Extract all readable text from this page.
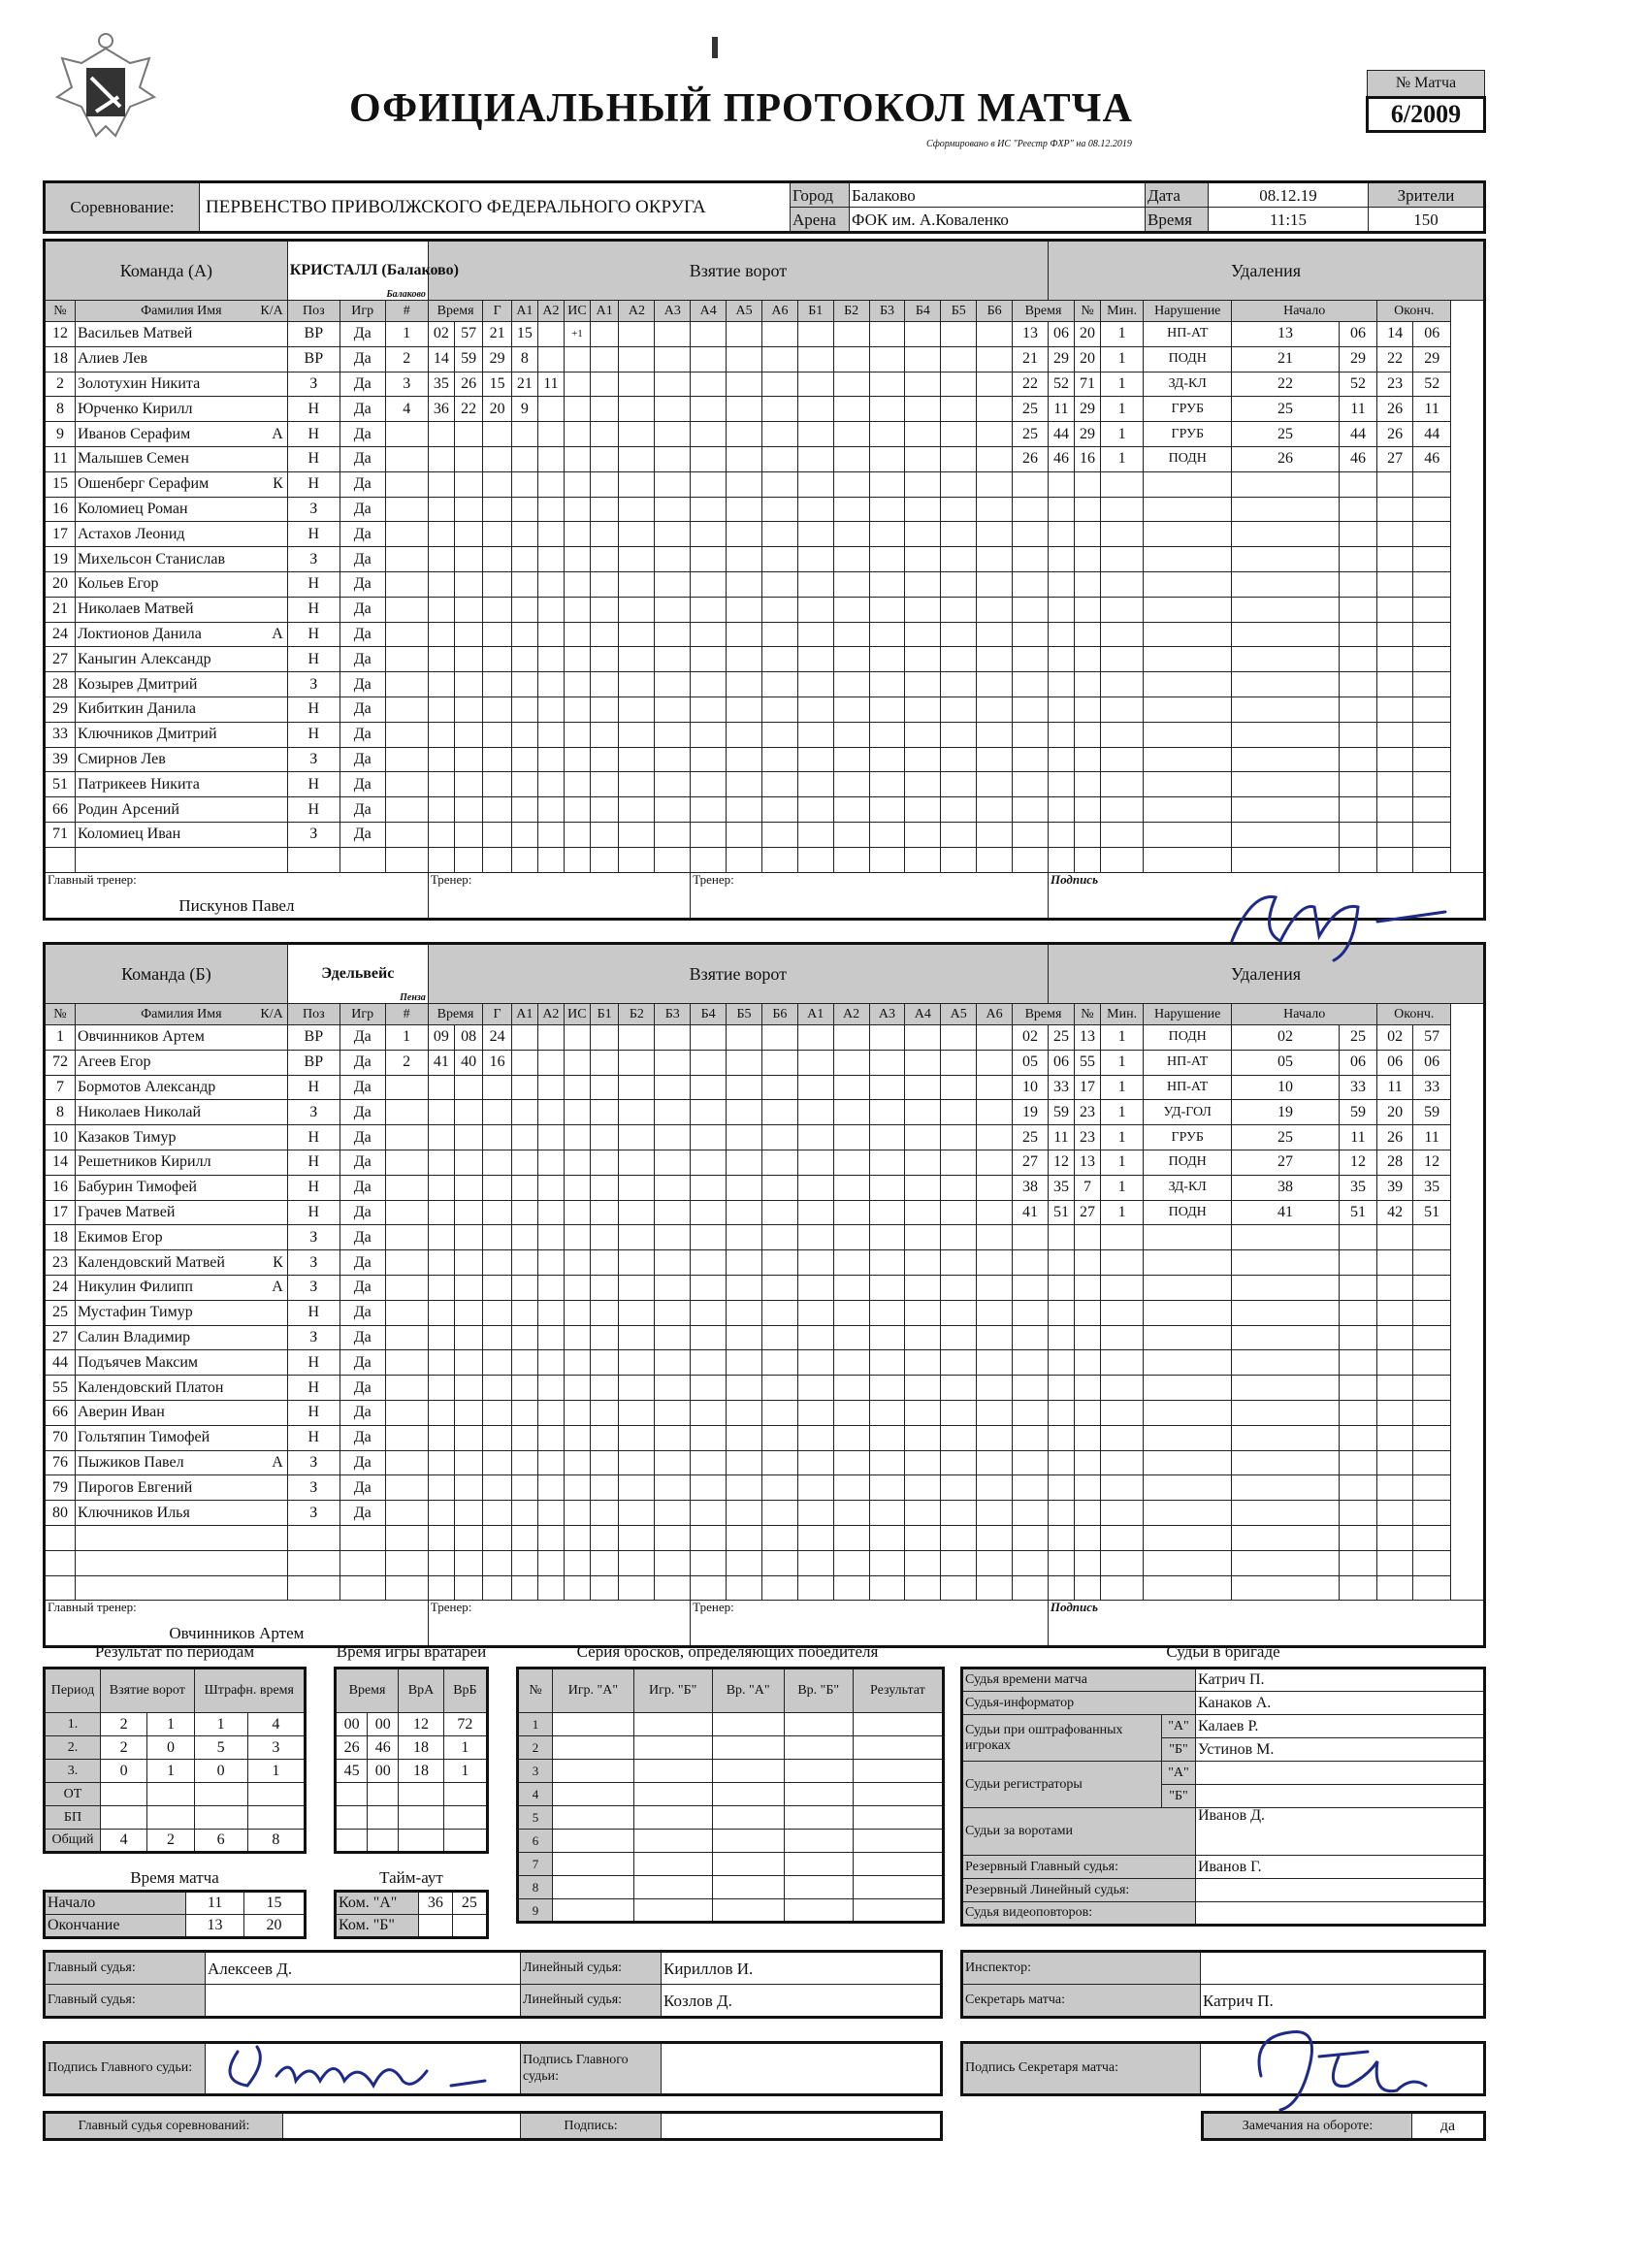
ОФИЦИАЛЬНЫЙ ПРОТОКОЛ МАТЧА
Сформировано в ИС "Реестр ФХР" на 08.12.2019
№ Матча
6/2009
Соревнование:	ПЕРВЕНСТВО ПРИВОЛЖСКОГО ФЕДЕРАЛЬНОГО ОКРУГА	Город	Балаково	Дата	08.12.19	Зрители
		Арена	ФОК им. А.Коваленко	Время	11:15	150
Команда (А)		КРИСТАЛЛ (Балаково)
Балаково			Взятие ворот																			Удаления							
№	Фамилия Имя К/А	Поз	Игр	#	Время		Г	А1	А2	ИС	А1	А2	А3	А4	А5	А6	Б1	Б2	Б3	Б4	Б5	Б6	Время		№	Мин.	Нарушение	Начало		Оконч.	
12	Васильев Матвей	ВР	Да	1	02	57	21	15		+1													13	06	20	1	НП-АТ	13	06	14	06
18	Алиев Лев	ВР	Да	2	14	59	29	8															21	29	20	1	ПОДН	21	29	22	29
2	Золотухин Никита	З	Да	3	35	26	15	21	11														22	52	71	1	ЗД-КЛ	22	52	23	52
8	Юрченко Кирилл	Н	Да	4	36	22	20	9															25	11	29	1	ГРУБ	25	11	26	11
9	Иванов Серафим А	Н	Да																				25	44	29	1	ГРУБ	25	44	26	44
11	Малышев Семен	Н	Да																				26	46	16	1	ПОДН	26	46	27	46
15	Ошенберг Серафим К	Н	Да																												
16	Коломиец Роман	З	Да																												
17	Астахов Леонид	Н	Да																												
19	Михельсон Станислав	З	Да																												
20	Кольев Егор	Н	Да																												
21	Николаев Матвей	Н	Да																												
24	Локтионов Данила А	Н	Да																												
27	Каныгин Александр	Н	Да																												
28	Козырев Дмитрий	З	Да																												
29	Кибиткин Данила	Н	Да																												
33	Ключников Дмитрий	Н	Да																												
39	Смирнов Лев	З	Да																												
51	Патрикеев Никита	Н	Да																												
66	Родин Арсений	Н	Да																												
71	Коломиец Иван	З	Да																												

Главный тренер:
Пискунов Павел					Тренер:									Тренер:										Подпись							
Команда (Б)		Эдельвейс
Пенза			Взятие ворот																			Удаления							
№	Фамилия Имя К/А	Поз	Игр	#	Время		Г	А1	А2	ИС	Б1	Б2	Б3	Б4	Б5	Б6	А1	А2	А3	А4	А5	А6	Время		№	Мин.	Нарушение	Начало		Оконч.	
1	Овчинников Артем	ВР	Да	1	09	08	24																02	25	13	1	ПОДН	02	25	02	57
72	Агеев Егор	ВР	Да	2	41	40	16																05	06	55	1	НП-АТ	05	06	06	06
7	Бормотов Александр	Н	Да																				10	33	17	1	НП-АТ	10	33	11	33
8	Николаев Николай	З	Да																				19	59	23	1	УД-ГОЛ	19	59	20	59
10	Казаков Тимур	Н	Да																				25	11	23	1	ГРУБ	25	11	26	11
14	Решетников Кирилл	Н	Да																				27	12	13	1	ПОДН	27	12	28	12
16	Бабурин Тимофей	Н	Да																				38	35	7	1	ЗД-КЛ	38	35	39	35
17	Грачев Матвей	Н	Да																				41	51	27	1	ПОДН	41	51	42	51
18	Екимов Егор	З	Да																												
23	Календовский Матвей К	З	Да																												
24	Никулин Филипп А	З	Да																												
25	Мустафин Тимур	Н	Да																												
27	Салин Владимир	З	Да																												
44	Подъячев Максим	Н	Да																												
55	Календовский Платон	Н	Да																												
66	Аверин Иван	Н	Да																												
70	Гольтяпин Тимофей	Н	Да																												
76	Пыжиков Павел А	З	Да																												
79	Пирогов Евгений	З	Да																												
80	Ключников Илья	З	Да																												

Главный тренер:
Овчинников Артем					Тренер:									Тренер:										Подпись							
Результат по периодам
Период	Взятие ворот		Штрафн. время	
1.	2	1	1	4
2.	2	0	5	3
3.	0	1	0	1
ОТ				
БП				
Общий	4	2	6	8
Время игры вратарей
Время		ВрА	ВрБ
00	00	12	72
26	46	18	1
45	00	18	1

Серия бросков, определяющих победителя
№	Игр. "А"	Игр. "Б"	Вр. "А"	Вр. "Б"	Результат
1					
2					
3					
4					
5					
6					
7					
8					
9					
Время матча
Начало	11	15
Окончание	13	20
Тайм-аут
Ком. "А"	36	25
Ком. "Б"		
Судьи в бригаде
Судья времени матча		Катрич П.
Судья-информатор		Канаков А.
Судьи при оштрафованных игроках	"А"	Калаев Р.
	"Б"	Устинов М.
Судьи регистраторы	"А"	
	"Б"	
Судьи за воротами		Иванов Д.
Резервный Главный судья:		Иванов Г.
Резервный Линейный судья:		
Судья видеоповторов:		
Главный судья:	Алексеев Д.	Линейный судья:	Кириллов И.
Главный судья:		Линейный судья:	Козлов Д.
Инспектор:	
Секретарь матча:	Катрич П.
Подпись Главного судьи:		Подпись Главного судьи:	
Подпись Секретаря матча:	
Главный судья соревнований:		Подпись:		Замечания на обороте:	да
